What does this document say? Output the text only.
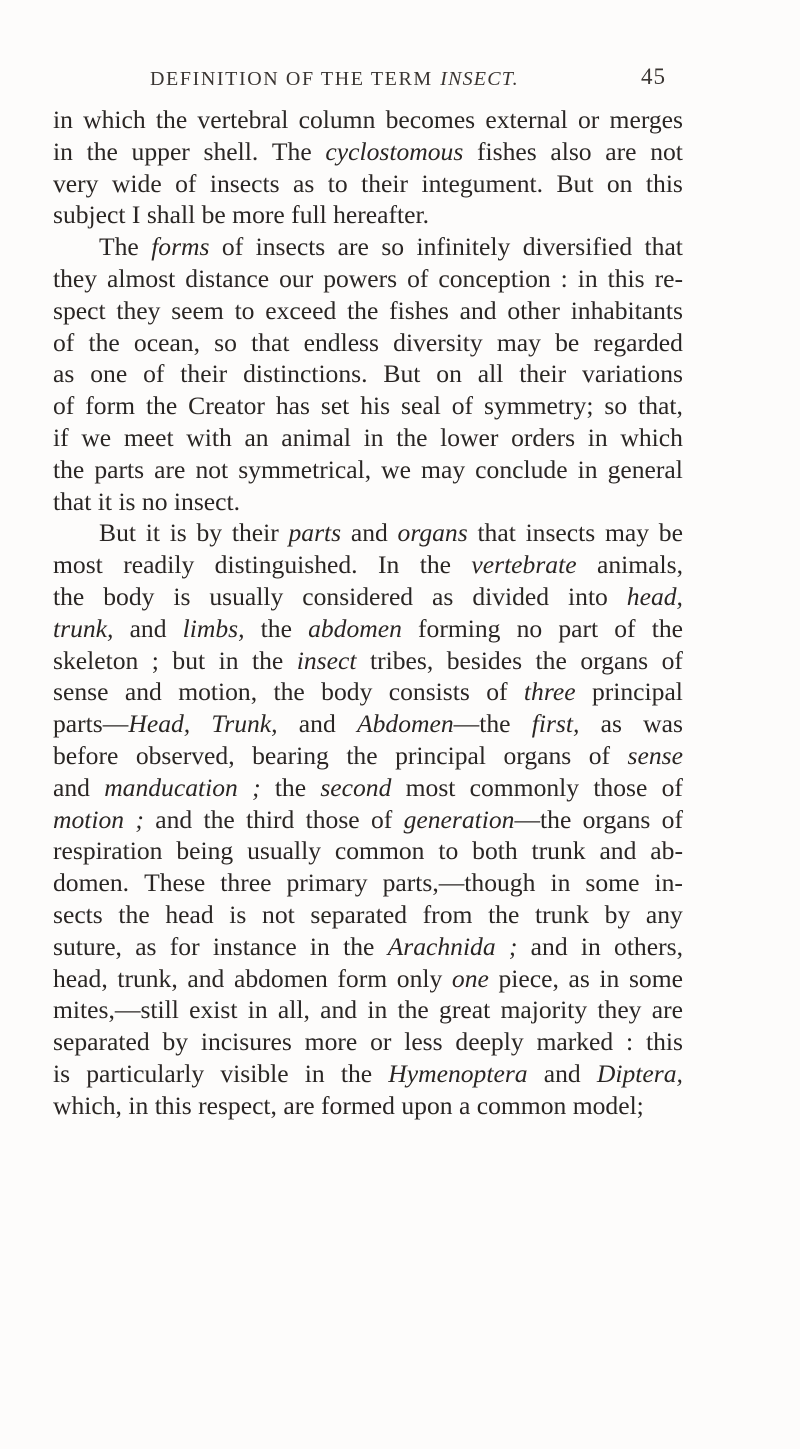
DEFINITION OF THE TERM INSECT.	45
in which the vertebral column becomes external or merges
in the upper shell. The cyclostomous fishes also are not
very wide of insects as to their integument. But on this
subject
I
shall
be
more
full
hereafter.

The forms of insects are so infinitely diversified that
they almost distance our powers of conception : in this re-
spect they seem to exceed the fishes and other inhabitants
of the ocean, so that endless diversity may be regarded
as one of their distinctions. But on all their variations
of form the Creator has set his seal of symmetry; so that,
if we meet with an animal in the lower orders in which
the parts are not symmetrical, we may conclude in general
that
it
is
no
insect.

But it is by their parts and organs that insects may be
most readily distinguished. In the vertebrate animals,
the body is usually considered as divided into head,
trunk, and limbs, the abdomen forming no part of the
skeleton ; but in the insect tribes, besides the organs of
sense and motion, the body consists of three principal
parts—Head, Trunk, and Abdomen—the first, as was
before observed, bearing the principal organs of sense
and manducation ; the second most commonly those of
motion ; and the third those of generation—the organs of
respiration being usually common to both trunk and ab-
domen. These three primary parts,—though in some in-
sects the head is not separated from the trunk by any
suture, as for instance in the Arachnida ; and in others,
head, trunk, and abdomen form only one piece, as in some
mites,—still exist in all, and in the great majority they are
separated by incisures more or less deeply marked : this
is particularly visible in the Hymenoptera and Diptera,
which,
in
this
respect,
are
formed
upon
a
common
model;
